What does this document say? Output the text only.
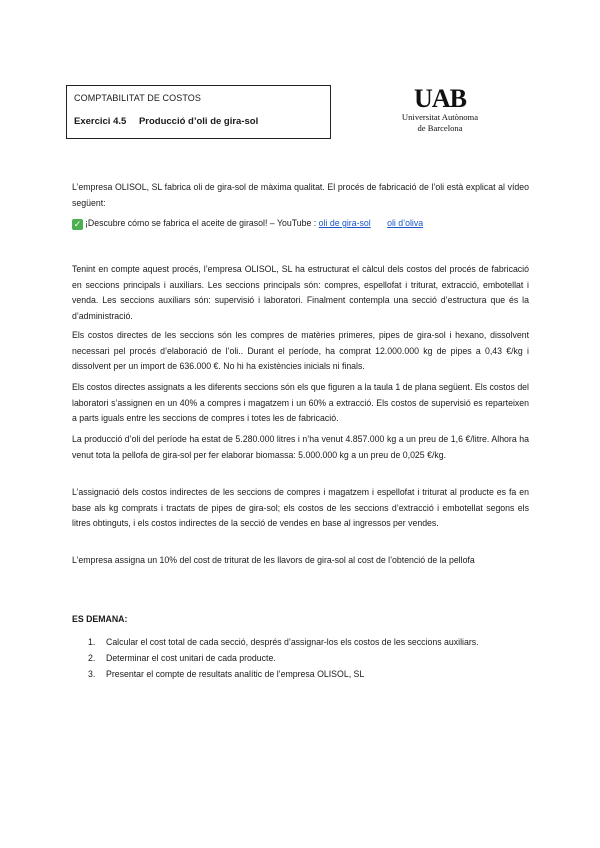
COMPTABILITAT DE COSTOS
Exercici 4.5 Producció d’oli de gira-sol
UAB
Universitat Autònoma
de Barcelona

L’empresa OLISOL, SL fabrica oli de gira-sol de màxima qualitat. El procés de fabricació de l’oli està explicat al vídeo següent:

✓ ¡Descubre cómo se fabrica el aceite de girasol! – YouTube : oli de gira-sol oli d’oliva

Tenint en compte aquest procés, l’empresa OLISOL, SL ha estructurat el càlcul dels costos del procés de fabricació en seccions principals i auxiliars. Les seccions principals són: compres, espellofat i triturat, extracció, embotellat i venda. Les seccions auxiliars són: supervisió i laboratori. Finalment contempla una secció d’estructura que és la d’administració.

Els costos directes de les seccions són les compres de matèries primeres, pipes de gira-sol i hexano, dissolvent necessari pel procés d’elaboració de l’oli.. Durant el període, ha comprat 12.000.000 kg de pipes a 0,43 €/kg i dissolvent per un import de 636.000 €. No hi ha existències inicials ni finals.

Els costos directes assignats a les diferents seccions són els que figuren a la taula 1 de plana següent. Els costos del laboratori s’assignen en un 40% a compres i magatzem i un 60% a extracció. Els costos de supervisió es reparteixen a parts iguals entre les seccions de compres i totes les de fabricació.

La producció d’oli del període ha estat de 5.280.000 litres i n’ha venut 4.857.000 kg a un preu de 1,6 €/litre. Alhora ha venut tota la pellofa de gira-sol per fer elaborar biomassa: 5.000.000 kg a un preu de 0,025 €/kg.

L’assignació dels costos indirectes de les seccions de compres i magatzem i espellofat i triturat al producte es fa en base als kg comprats i tractats de pipes de gira-sol; els costos de les seccions d’extracció i embotellat segons els litres obtinguts, i els costos indirectes de la secció de vendes en base al ingressos per vendes.

L’empresa assigna un 10% del cost de triturat de les llavors de gira-sol al cost de l’obtenció de la pellofa

ES DEMANA:
1. Calcular el cost total de cada secció, després d’assignar-los els costos de les seccions auxiliars.
2. Determinar el cost unitari de cada producte.
3. Presentar el compte de resultats analític de l’empresa OLISOL, SL
